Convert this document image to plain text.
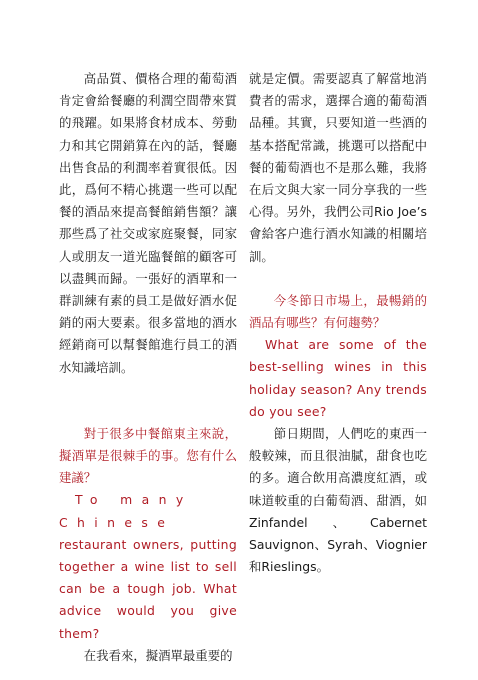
高品質、價格合理的葡萄酒肯定會給餐廳的利潤空間帶來質的飛躍。如果將食材成本、勞動力和其它開銷算在內的話，餐廳出售食品的利潤率着實很低。因此，爲何不精心挑選一些可以配餐的酒品來提高餐館銷售額？讓那些爲了社交或家庭聚餐，同家人或朋友一道光臨餐館的顧客可以盡興而歸。一張好的酒單和一群訓練有素的員工是做好酒水促銷的兩大要素。很多當地的酒水經銷商可以幫餐館進行員工的酒水知識培訓。

對于很多中餐館東主來說，擬酒單是很棘手的事。您有什么建議？

To many Chinese

restaurant owners, putting together a wine list to sell can be a tough job. What advice would you give them?

在我看來，擬酒單最重要的

就是定價。需要認真了解當地消費者的需求，選擇合適的葡萄酒品種。其實，只要知道一些酒的基本搭配常識，挑選可以搭配中餐的葡萄酒也不是那么難，我將在后文與大家一同分享我的一些心得。另外，我們公司Rio Joe’s會給客户進行酒水知識的相關培訓。

今冬節日市場上，最暢銷的酒品有哪些？有何趨勢？

What are some of the best-selling wines in this holiday season? Any trends do you see?

節日期間，人們吃的東西一般較辣，而且很油膩，甜食也吃的多。適合飲用高濃度紅酒，或味道較重的白葡萄酒、甜酒，如Zinfandel、Cabernet Sauvignon、Syrah、Viognier和Rieslings。
